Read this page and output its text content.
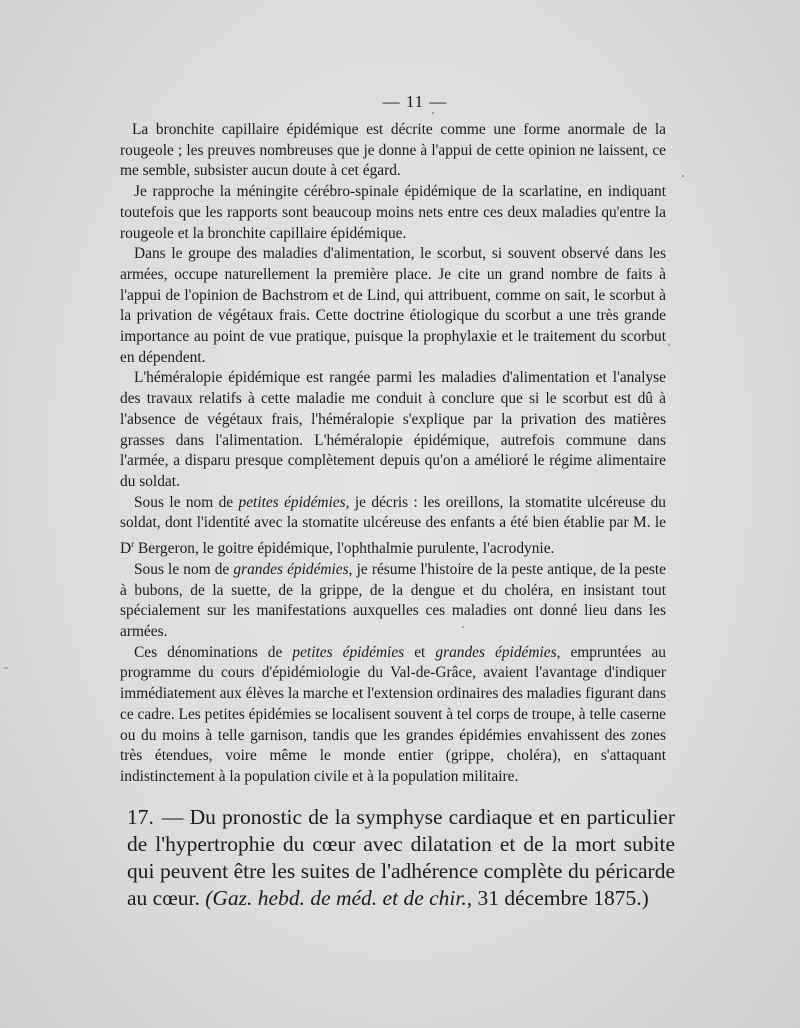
— 11 —

La bronchite capillaire épidémique est décrite comme une forme anormale de la rougeole ; les preuves nombreuses que je donne à l'appui de cette opinion ne laissent, ce me semble, subsister aucun doute à cet égard.

Je rapproche la méningite cérébro-spinale épidémique de la scarlatine, en indiquant toutefois que les rapports sont beaucoup moins nets entre ces deux maladies qu'entre la rougeole et la bronchite capillaire épidémique.

Dans le groupe des maladies d'alimentation, le scorbut, si souvent observé dans les armées, occupe naturellement la première place. Je cite un grand nombre de faits à l'appui de l'opinion de Bachstrom et de Lind, qui attribuent, comme on sait, le scorbut à la privation de végétaux frais. Cette doctrine étiologique du scorbut a une très grande importance au point de vue pratique, puisque la prophylaxie et le traitement du scorbut en dépendent.

L'héméralopie épidémique est rangée parmi les maladies d'alimentation et l'analyse des travaux relatifs à cette maladie me conduit à conclure que si le scorbut est dû à l'absence de végétaux frais, l'héméralopie s'explique par la privation des matières grasses dans l'alimentation. L'héméralopie épidémique, autrefois commune dans l'armée, a disparu presque complètement depuis qu'on a amélioré le régime alimentaire du soldat.

Sous le nom de petites épidémies, je décris : les oreillons, la stomatite ulcéreuse du soldat, dont l'identité avec la stomatite ulcéreuse des enfants a été bien établie par M. le $D^r$ Bergeron, le goitre épidémique, l'ophthalmie purulente, l'acrodynie.

Sous le nom de grandes épidémies, je résume l'histoire de la peste antique, de la peste à bubons, de la suette, de la grippe, de la dengue et du choléra, en insistant tout spécialement sur les manifestations auxquelles ces maladies ont donné lieu dans les armées.

Ces dénominations de petites épidémies et grandes épidémies, empruntées au programme du cours d'épidémiologie du Val-de-Grâce, avaient l'avantage d'indiquer immédiatement aux élèves la marche et l'extension ordinaires des maladies figurant dans ce cadre. Les petites épidémies se localisent souvent à tel corps de troupe, à telle caserne ou du moins à telle garnison, tandis que les grandes épidémies envahissent des zones très étendues, voire même le monde entier (grippe, choléra), en s'attaquant indistinctement à la population civile et à la population militaire.

17. — Du pronostic de la symphyse cardiaque et en particulier de l'hypertrophie du cœur avec dilatation et de la mort subite qui peuvent être les suites de l'adhérence complète du péricarde au cœur. (Gaz. hebd. de méd. et de chir., 31 décembre 1875.)
˜
